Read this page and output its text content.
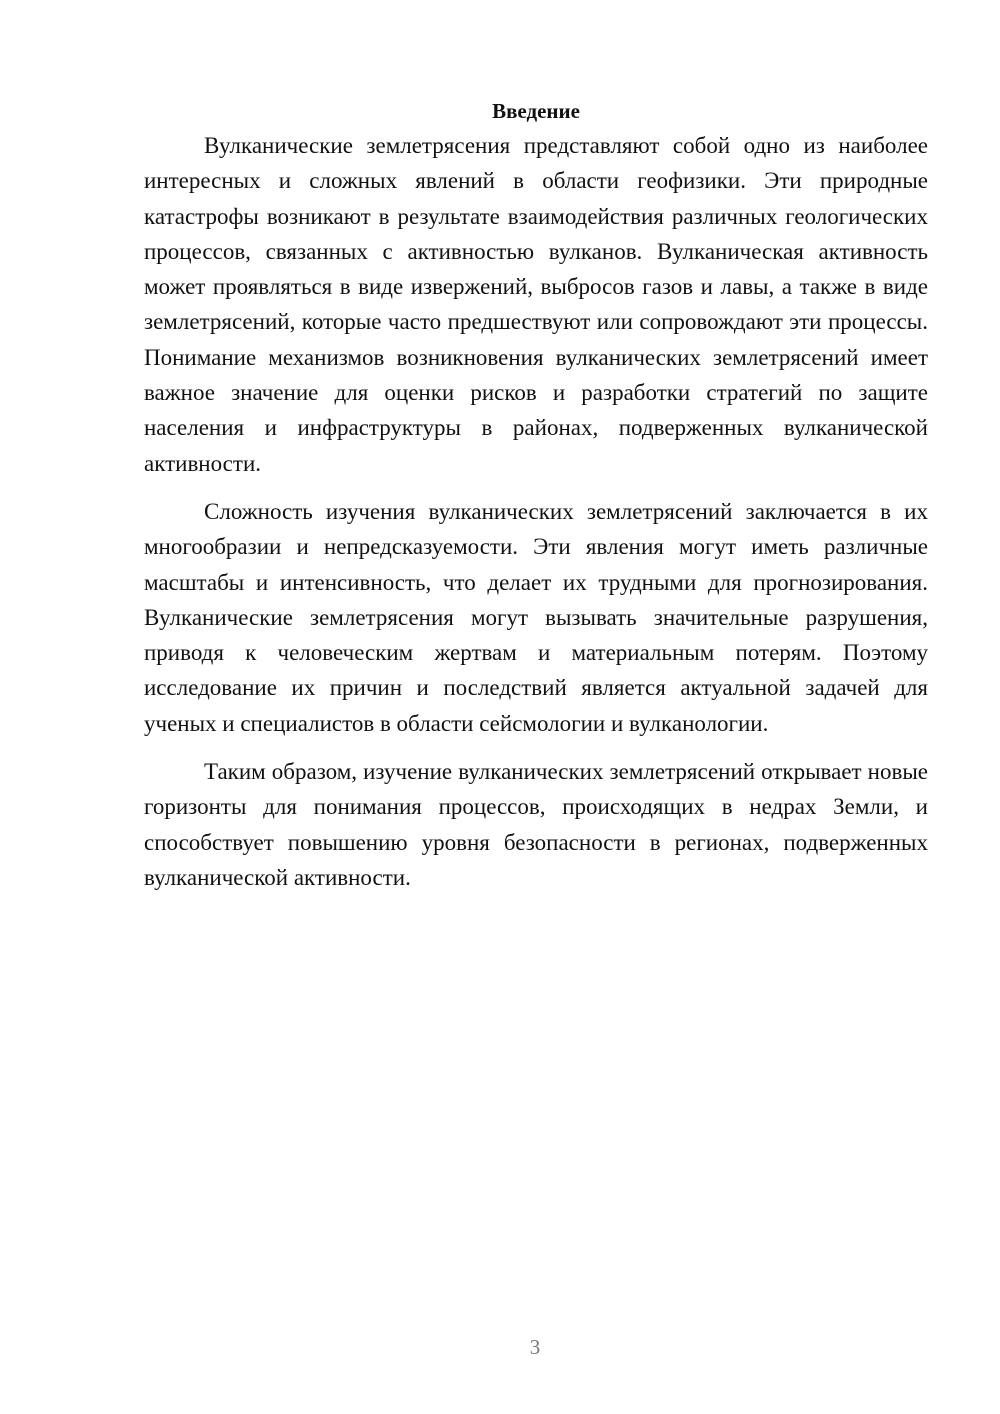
Введение

Вулканические землетрясения представляют собой одно из наиболее интересных и сложных явлений в области геофизики. Эти природные катастрофы возникают в результате взаимодействия различных геологических процессов, связанных с активностью вулканов. Вулканическая активность может проявляться в виде извержений, выбросов газов и лавы, а также в виде землетрясений, которые часто предшествуют или сопровождают эти процессы. Понимание механизмов возникновения вулканических землетрясений имеет важное значение для оценки рисков и разработки стратегий по защите населения и инфраструктуры в районах, подверженных вулканической активности.

Сложность изучения вулканических землетрясений заключается в их многообразии и непредсказуемости. Эти явления могут иметь различные масштабы и интенсивность, что делает их трудными для прогнозирования. Вулканические землетрясения могут вызывать значительные разрушения, приводя к человеческим жертвам и материальным потерям. Поэтому исследование их причин и последствий является актуальной задачей для ученых и специалистов в области сейсмологии и вулканологии.

Таким образом, изучение вулканических землетрясений открывает новые горизонты для понимания процессов, происходящих в недрах Земли, и способствует повышению уровня безопасности в регионах, подверженных вулканической активности.

3
